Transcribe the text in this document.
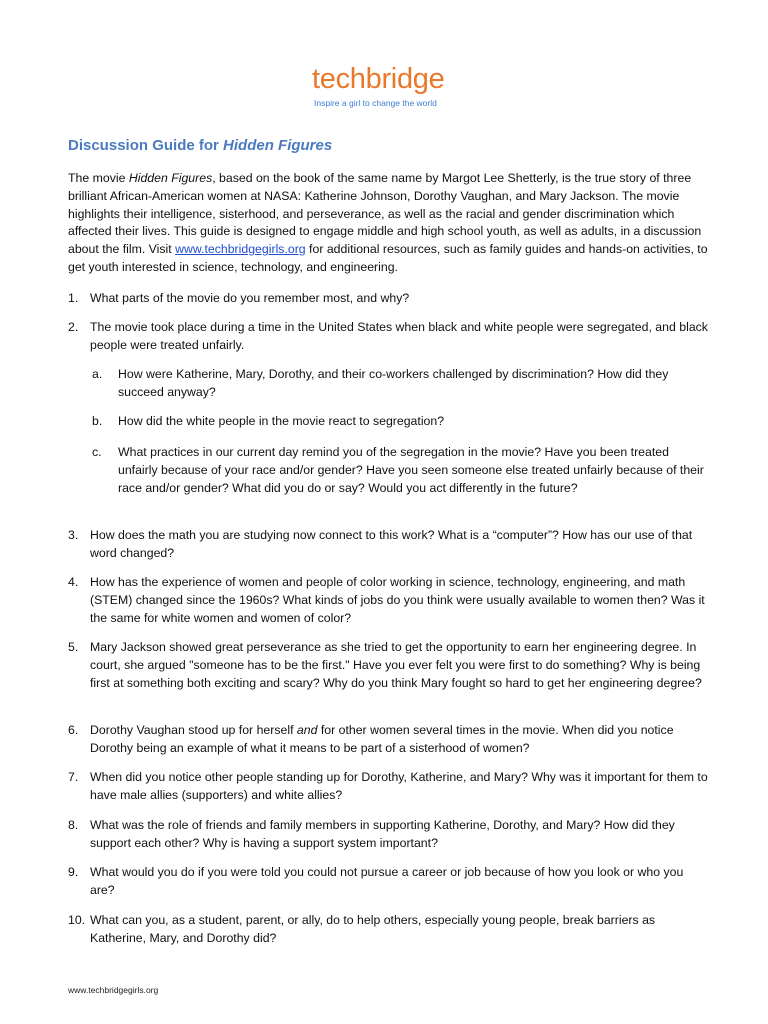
techbridge
Inspire a girl to change the world
Discussion Guide for Hidden Figures

The movie Hidden Figures, based on the book of the same name by Margot Lee Shetterly, is the true story of three brilliant African-American women at NASA: Katherine Johnson, Dorothy Vaughan, and Mary Jackson. The movie highlights their intelligence, sisterhood, and perseverance, as well as the racial and gender discrimination which affected their lives. This guide is designed to engage middle and high school youth, as well as adults, in a discussion about the film. Visit www.techbridgegirls.org for additional resources, such as family guides and hands-on activities, to get youth interested in science, technology, and engineering.

1. What parts of the movie do you remember most, and why?
2. The movie took place during a time in the United States when black and white people were segregated, and black people were treated unfairly.
a. How were Katherine, Mary, Dorothy, and their co-workers challenged by discrimination? How did they succeed anyway?
b. How did the white people in the movie react to segregation?
c. What practices in our current day remind you of the segregation in the movie? Have you been treated unfairly because of your race and/or gender? Have you seen someone else treated unfairly because of their race and/or gender? What did you do or say? Would you act differently in the future?
3. How does the math you are studying now connect to this work? What is a “computer”? How has our use of that word changed?
4. How has the experience of women and people of color working in science, technology, engineering, and math (STEM) changed since the 1960s? What kinds of jobs do you think were usually available to women then? Was it the same for white women and women of color?
5. Mary Jackson showed great perseverance as she tried to get the opportunity to earn her engineering degree. In court, she argued "someone has to be the first." Have you ever felt you were first to do something? Why is being first at something both exciting and scary? Why do you think Mary fought so hard to get her engineering degree?
6. Dorothy Vaughan stood up for herself and for other women several times in the movie. When did you notice Dorothy being an example of what it means to be part of a sisterhood of women?
7. When did you notice other people standing up for Dorothy, Katherine, and Mary? Why was it important for them to have male allies (supporters) and white allies?
8. What was the role of friends and family members in supporting Katherine, Dorothy, and Mary? How did they support each other? Why is having a support system important?
9. What would you do if you were told you could not pursue a career or job because of how you look or who you are?
10. What can you, as a student, parent, or ally, do to help others, especially young people, break barriers as Katherine, Mary, and Dorothy did?
www.techbridgegirls.org
